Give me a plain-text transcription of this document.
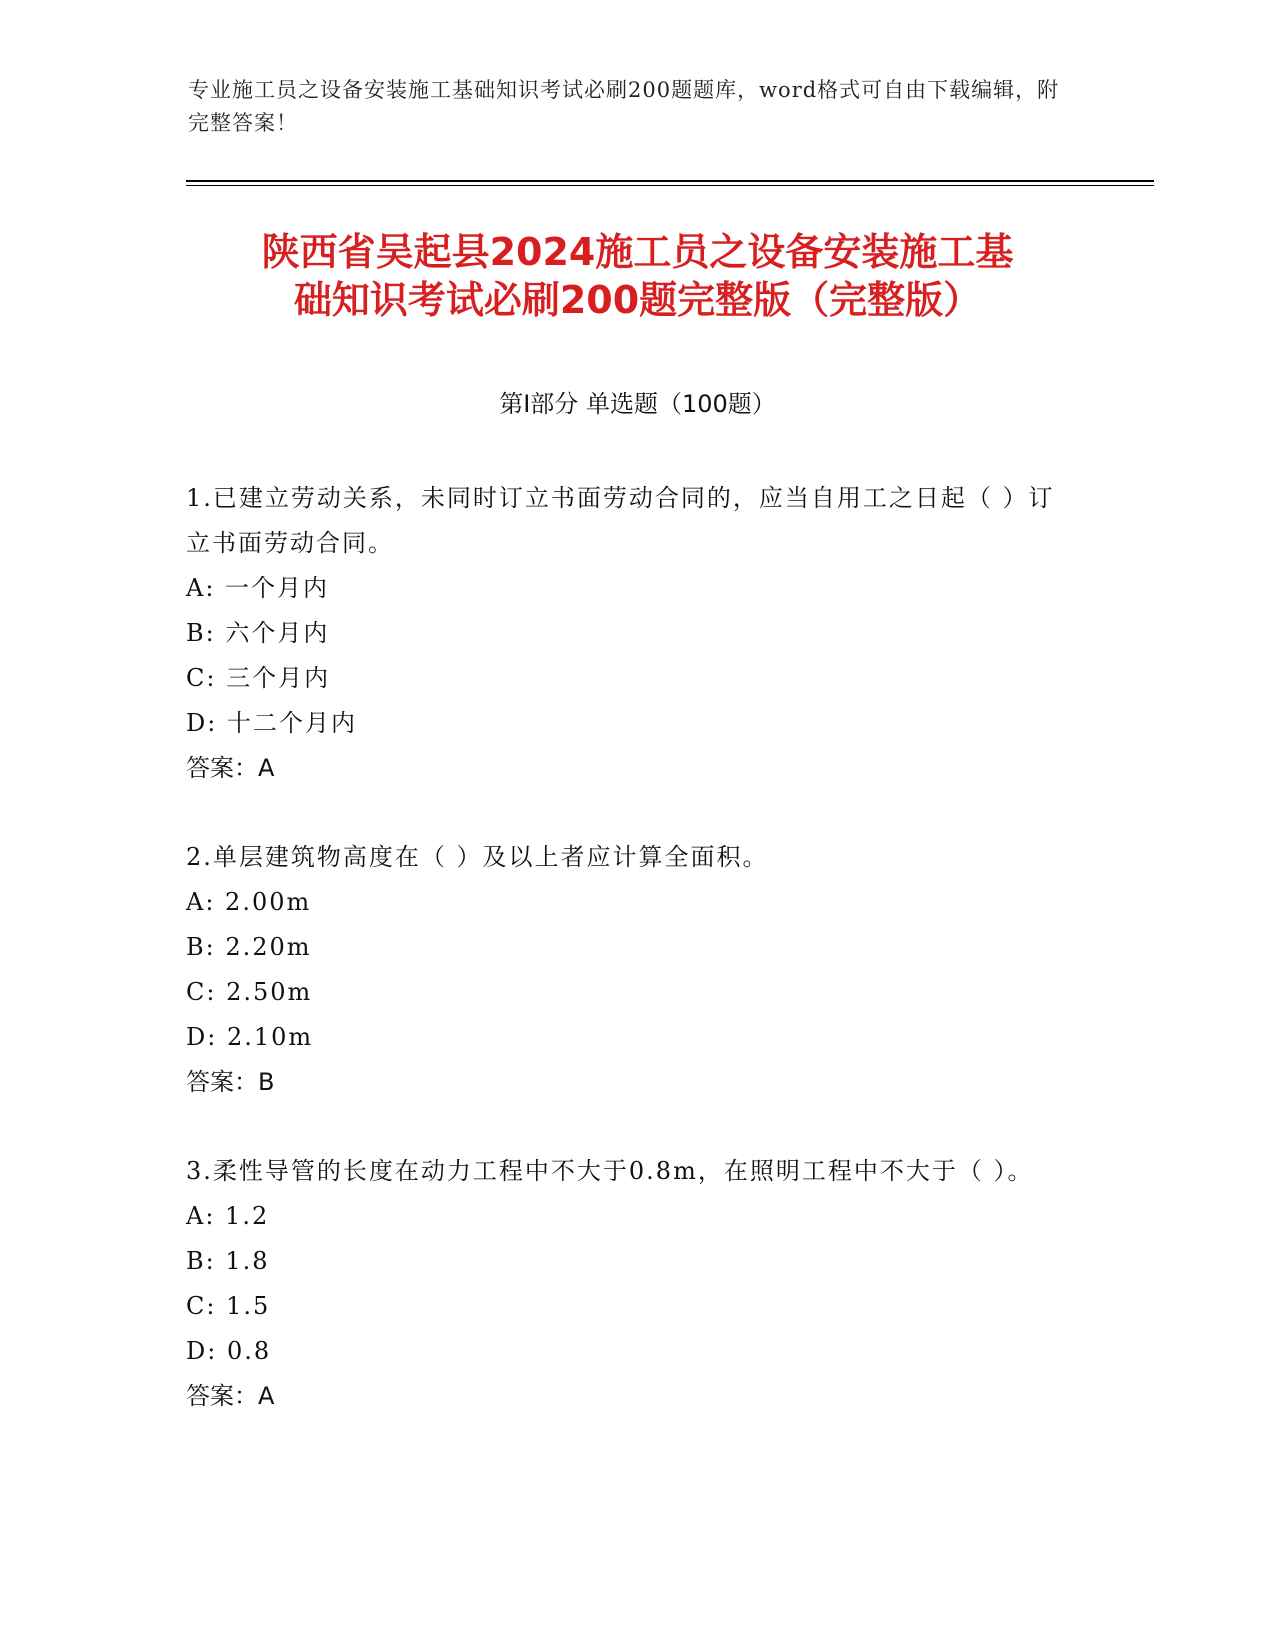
专业施工员之设备安装施工基础知识考试必刷200题题库，word格式可自由下载编辑，附完整答案！
陕西省吴起县2024施工员之设备安装施工基
础知识考试必刷200题完整版（完整版）
第I部分 单选题（100题）
1.已建立劳动关系，未同时订立书面劳动合同的，应当自用工之日起（ ）订立书面劳动合同。
A: 一个月内
B: 六个月内
C: 三个月内
D: 十二个月内
答案：A
2.单层建筑物高度在（ ）及以上者应计算全面积。
A: 2.00m
B: 2.20m
C: 2.50m
D: 2.10m
答案：B
3.柔性导管的长度在动力工程中不大于0.8m，在照明工程中不大于（ ）。
A: 1.2
B: 1.8
C: 1.5
D: 0.8
答案：A
